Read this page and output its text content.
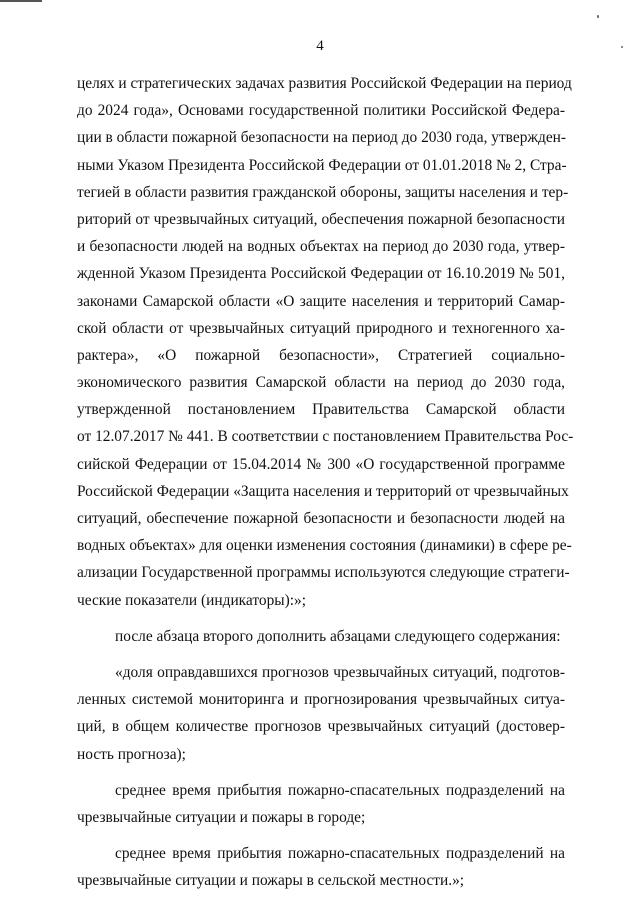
4
целях и стратегических задачах развития Российской Федерации на период
до 2024 года», Основами государственной политики Российской Федера-
ции в области пожарной безопасности на период до 2030 года, утвержден-
ными Указом Президента Российской Федерации от 01.01.2018 № 2, Стра-
тегией в области развития гражданской обороны, защиты населения и тер-
риторий от чрезвычайных ситуаций, обеспечения пожарной безопасности
и безопасности людей на водных объектах на период до 2030 года, утвер-
жденной Указом Президента Российской Федерации от 16.10.2019 № 501,
законами Самарской области «О защите населения и территорий Самар-
ской области от чрезвычайных ситуаций природного и техногенного ха-
рактера», «О пожарной безопасности», Стратегией социально-
экономического развития Самарской области на период до 2030 года,
утвержденной постановлением Правительства Самарской области
от 12.07.2017 № 441. В соответствии с постановлением Правительства Рос-
сийской Федерации от 15.04.2014 № 300 «О государственной программе
Российской Федерации «Защита населения и территорий от чрезвычайных
ситуаций, обеспечение пожарной безопасности и безопасности людей на
водных объектах» для оценки изменения состояния (динамики) в сфере ре-
ализации Государственной программы используются следующие стратеги-
ческие показатели (индикаторы):»;
после абзаца второго дополнить абзацами следующего содержания:
«доля оправдавшихся прогнозов чрезвычайных ситуаций, подготов-
ленных системой мониторинга и прогнозирования чрезвычайных ситуа-
ций, в общем количестве прогнозов чрезвычайных ситуаций (достовер-
ность прогноза);
среднее время прибытия пожарно-спасательных подразделений на
чрезвычайные ситуации и пожары в городе;
среднее время прибытия пожарно-спасательных подразделений на
чрезвычайные ситуации и пожары в сельской местности.»;
